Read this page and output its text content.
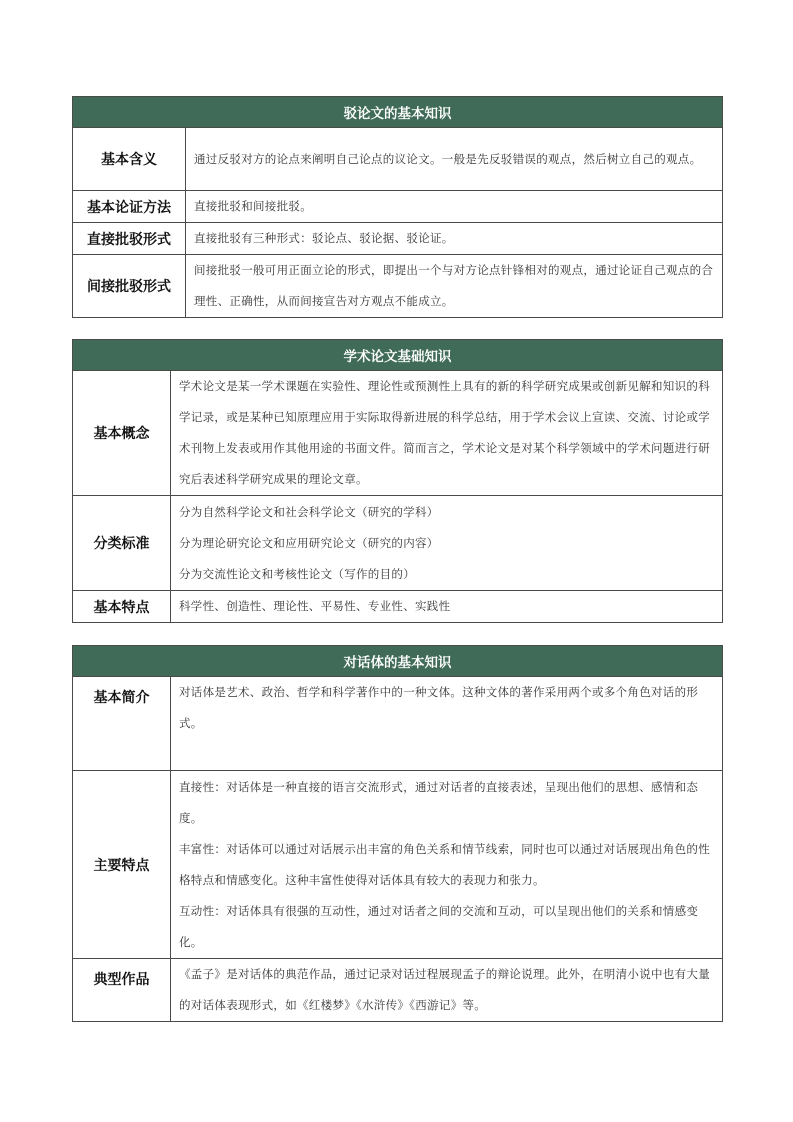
驳论文的基本知识	
基本含义	通过反驳对方的论点来阐明自己论点的议论文。一般是先反驳错误的观点，然后树立自己的观点。

基本论证方法	直接批驳和间接批驳。

直接批驳形式	直接批驳有三种形式：驳论点、驳论据、驳论证。

间接批驳形式	间接批驳一般可用正面立论的形式，即提出一个与对方论点针锋相对的观点，通过论证自己观点的合理性、正确性，从而间接宣告对方观点不能成立。

学术论文基础知识	
基本概念	学术论文是某一学术课题在实验性、理论性或预测性上具有的新的科学研究成果或创新见解和知识的科学记录，或是某种已知原理应用于实际取得新进展的科学总结，用于学术会议上宣读、交流、讨论或学术刊物上发表或用作其他用途的书面文件。简而言之，学术论文是对某个科学领域中的学术问题进行研究后表述科学研究成果的理论文章。

分类标准	分为自然科学论文和社会科学论文（研究的学科）

分为理论研究论文和应用研究论文（研究的内容）

分为交流性论文和考核性论文（写作的目的）

基本特点	科学性、创造性、理论性、平易性、专业性、实践性

对话体的基本知识	
基本简介	对话体是艺术、政治、哲学和科学著作中的一种文体。这种文体的著作采用两个或多个角色对话的形式。

主要特点	直接性：对话体是一种直接的语言交流形式，通过对话者的直接表述，呈现出他们的思想、感情和态度。

丰富性：对话体可以通过对话展示出丰富的角色关系和情节线索，同时也可以通过对话展现出角色的性格特点和情感变化。这种丰富性使得对话体具有较大的表现力和张力。

互动性：对话体具有很强的互动性，通过对话者之间的交流和互动，可以呈现出他们的关系和情感变化。

典型作品	《孟子》是对话体的典范作品，通过记录对话过程展现孟子的辩论说理。此外，在明清小说中也有大量的对话体表现形式，如《红楼梦》《水浒传》《西游记》等。
